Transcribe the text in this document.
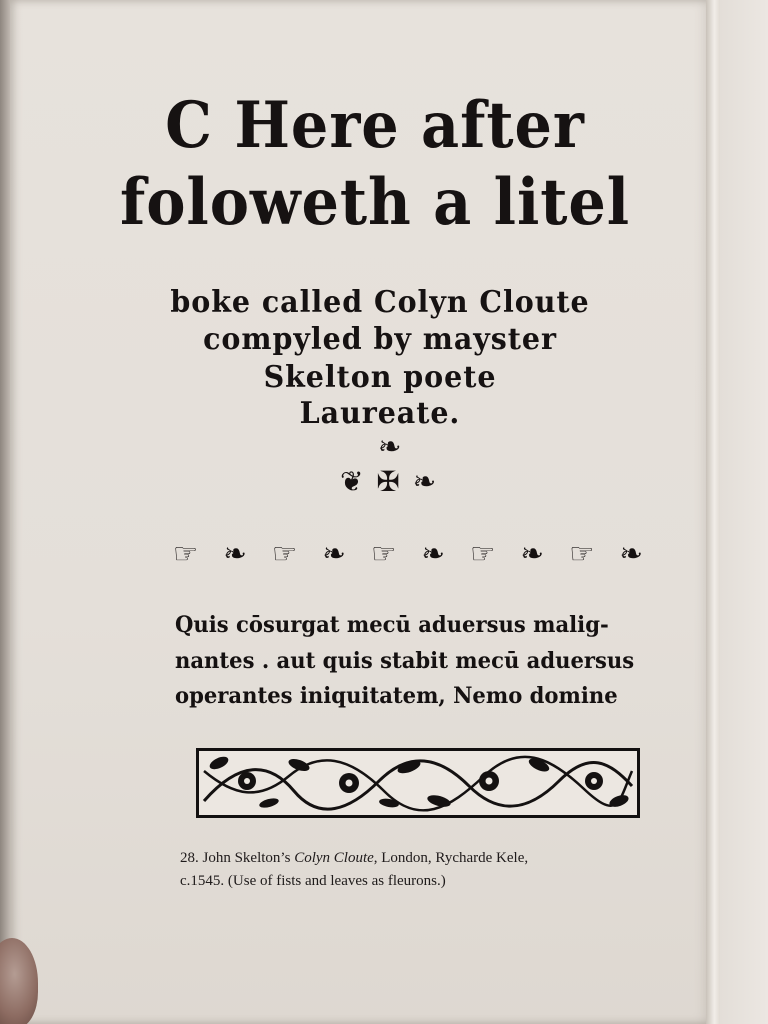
C Here after
foloweth a litel
boke called Colyn Cloute
compyled by mayster
Skelton poete
Laureate.
❧
❦ ✠ ❧
☞ ❧ ☞ ❧ ☞ ❧ ☞ ❧ ☞ ❧
Quis cōsurgat mecū aduersus malig-
nantes . aut quis stabit mecū aduersus
operantes iniquitatem, Nemo domine
28. John Skelton’s Colyn Cloute, London, Rycharde Kele,
c.1545. (Use of fists and leaves as fleurons.)
